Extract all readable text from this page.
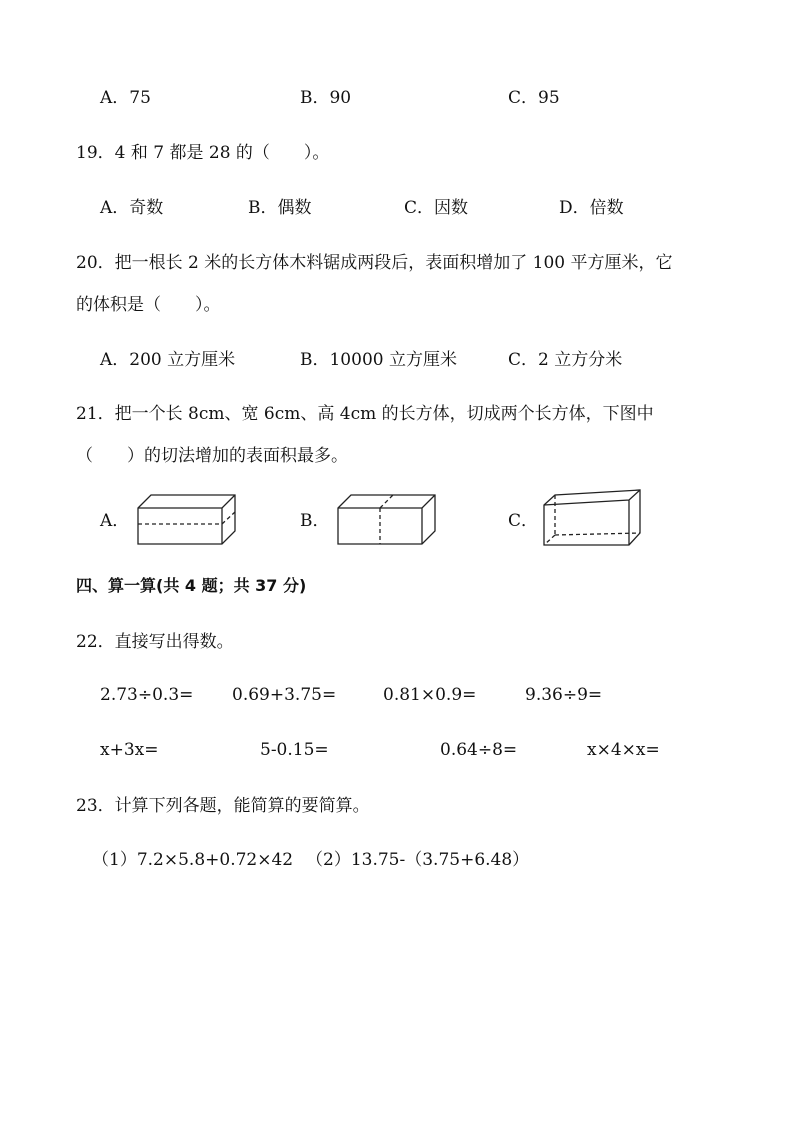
A．75	B．90	C．95
19．4 和 7 都是 28 的（　　）。
A．奇数	B．偶数	C．因数	D．倍数
20．把一根长 2 米的长方体木料锯成两段后，表面积增加了 100 平方厘米，它
的体积是（　　）。
A．200 立方厘米	B．10000 立方厘米	C．2 立方分米
21．把一个长 8cm、宽 6cm、高 4cm 的长方体，切成两个长方体，下图中
（　　）的切法增加的表面积最多。
A．	B．	C．
四、算一算(共 4 题；共 37 分)
22．直接写出得数。
2.73÷0.3= 0.69+3.75=	0.81×0.9=	9.36÷9=
x+3x=	5-0.15=	0.64÷8=	x×4×x=
23．计算下列各题，能简算的要简算。
（1）7.2×5.8+0.72×42 （2）13.75-（3.75+6.48）
